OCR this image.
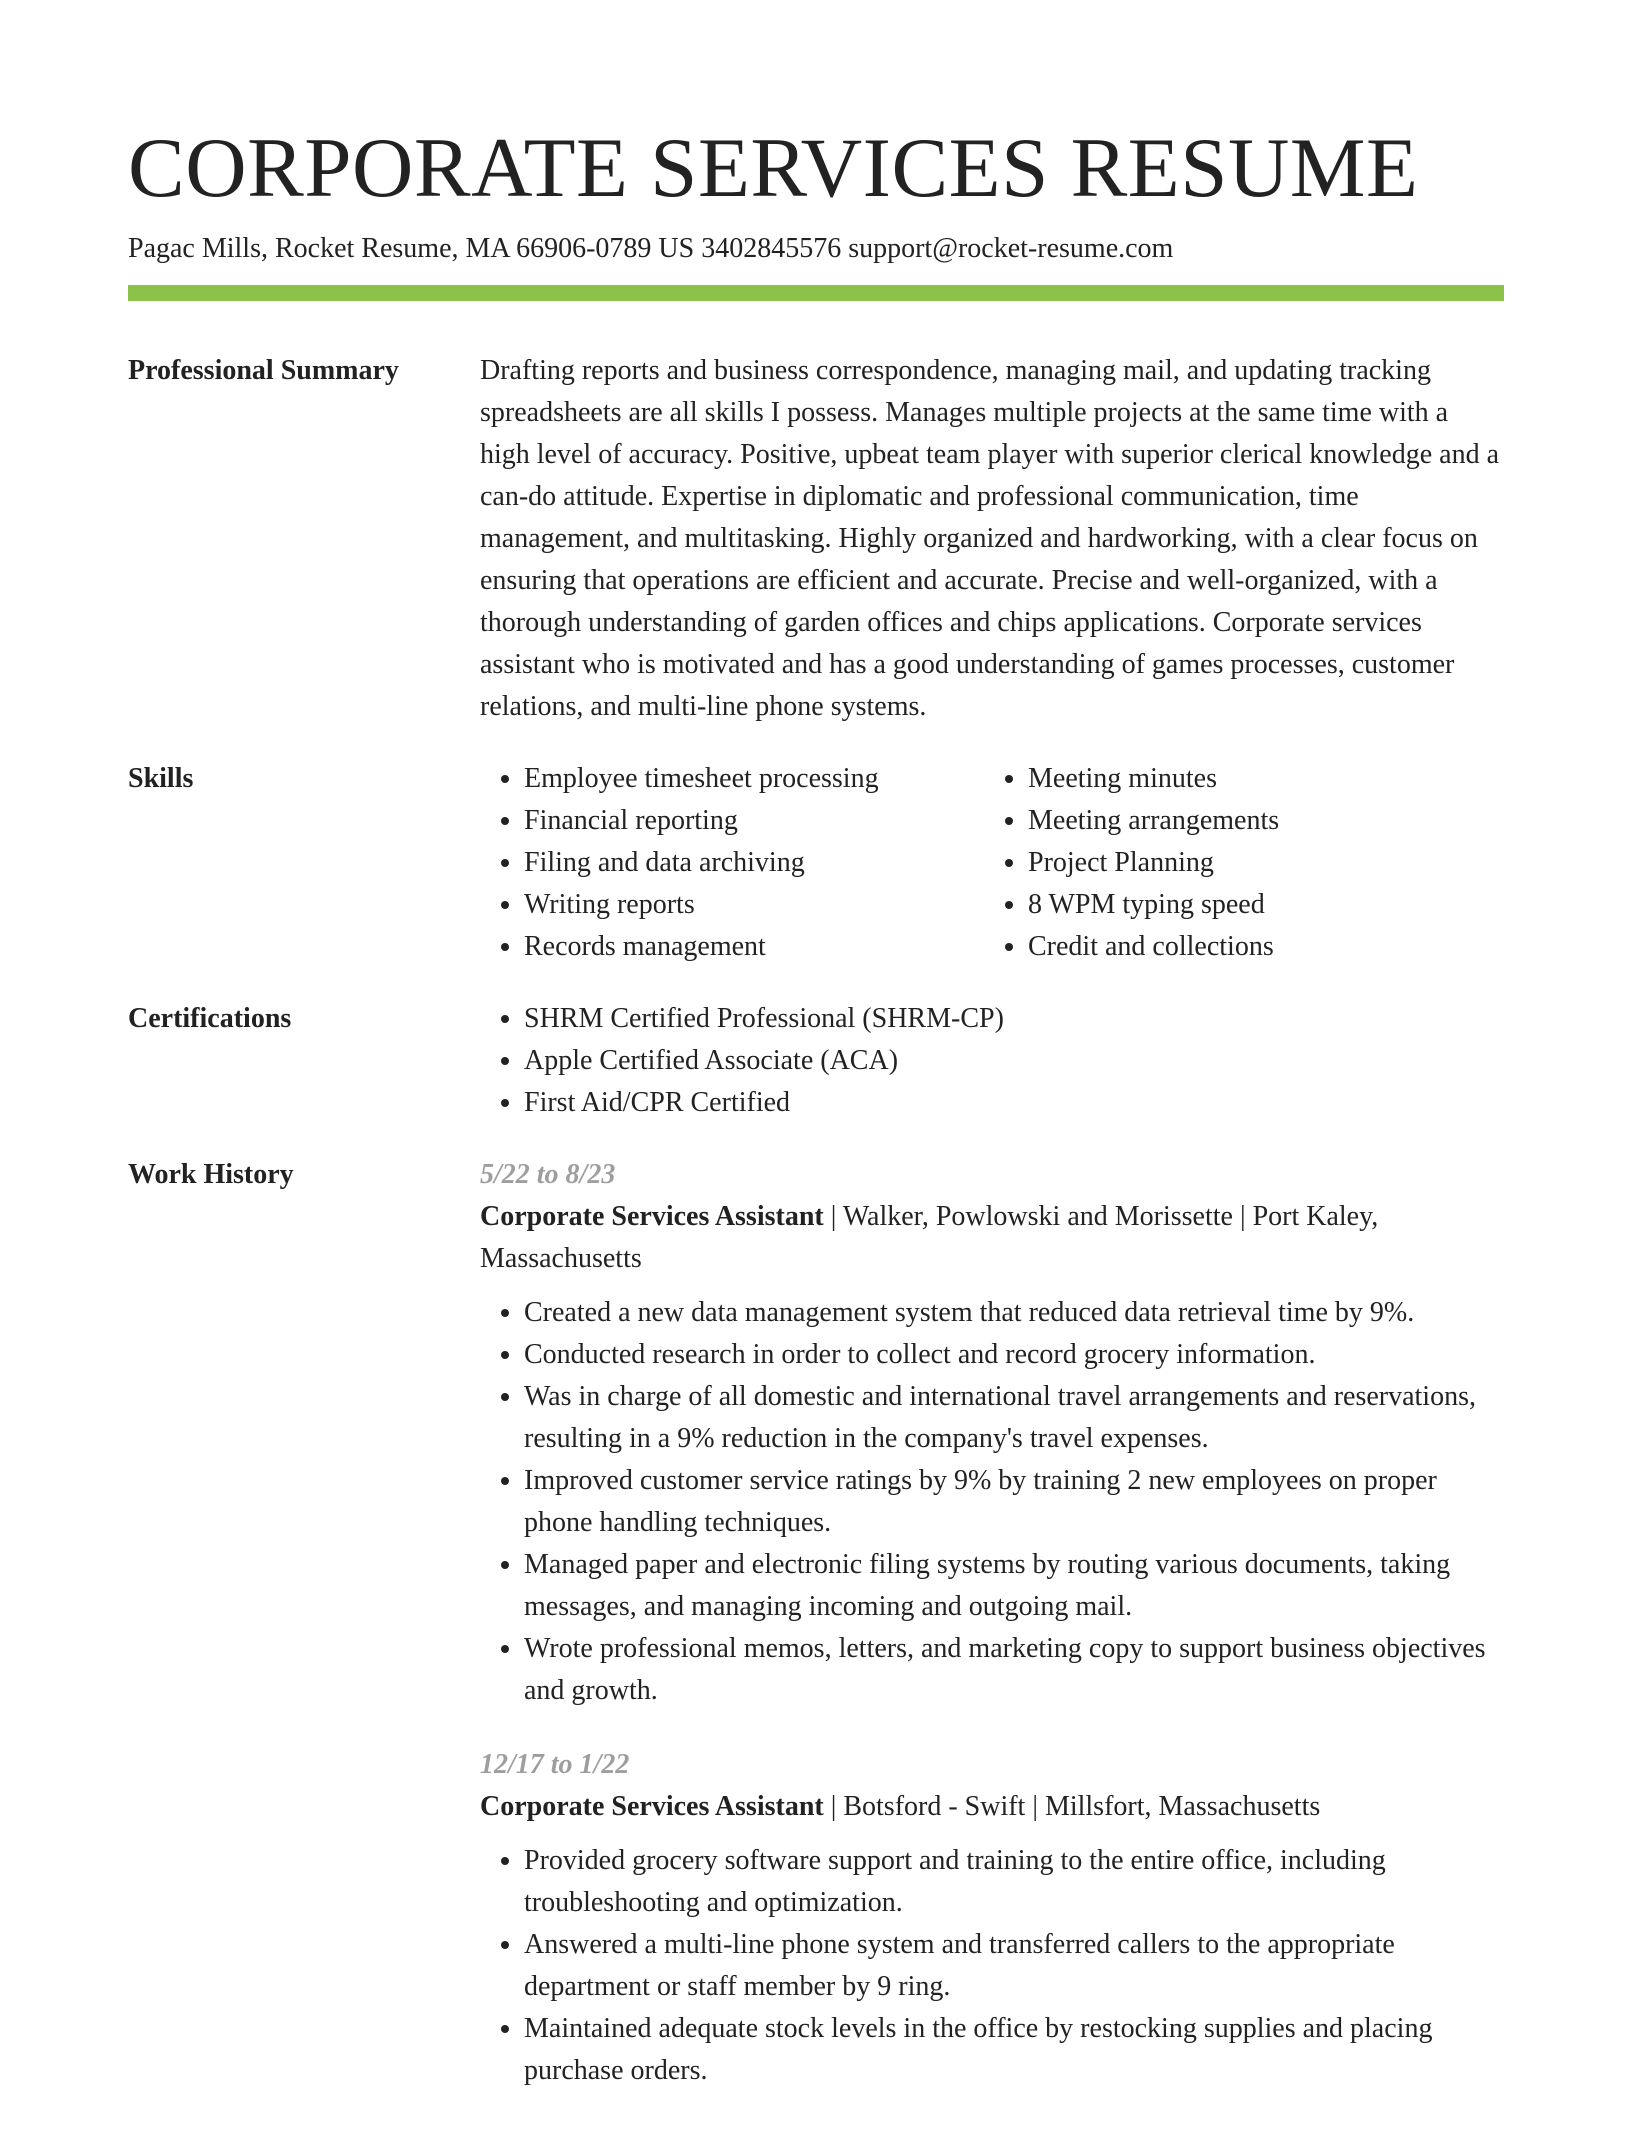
CORPORATE SERVICES RESUME
Pagac Mills, Rocket Resume, MA 66906-0789 US 3402845576 support@rocket-resume.com
Professional Summary	Drafting reports and business correspondence, managing mail, and updating tracking spreadsheets are all skills I possess. Manages multiple projects at the same time with a high level of accuracy. Positive, upbeat team player with superior clerical knowledge and a can-do attitude. Expertise in diplomatic and professional communication, time management, and multitasking. Highly organized and hardworking, with a clear focus on ensuring that operations are efficient and accurate. Precise and well-organized, with a thorough understanding of garden offices and chips applications. Corporate services assistant who is motivated and has a good understanding of games processes, customer relations, and multi-line phone systems.

Skills	• Employee timesheet processing
• Financial reporting
• Filing and data archiving
• Writing reports
• Records management
• Meeting minutes
• Meeting arrangements
• Project Planning
• 8 WPM typing speed
• Credit and collections
Certifications	• SHRM Certified Professional (SHRM-CP)
• Apple Certified Associate (ACA)
• First Aid/CPR Certified
Work History	5/22 to 8/23
Corporate Services Assistant | Walker, Powlowski and Morissette | Port Kaley, Massachusetts
• Created a new data management system that reduced data retrieval time by 9%.
• Conducted research in order to collect and record grocery information.
• Was in charge of all domestic and international travel arrangements and reservations, resulting in a 9% reduction in the company's travel expenses.
• Improved customer service ratings by 9% by training 2 new employees on proper phone handling techniques.
• Managed paper and electronic filing systems by routing various documents, taking messages, and managing incoming and outgoing mail.
• Wrote professional memos, letters, and marketing copy to support business objectives and growth.
12/17 to 1/22
Corporate Services Assistant | Botsford - Swift | Millsfort, Massachusetts
• Provided grocery software support and training to the entire office, including troubleshooting and optimization.
• Answered a multi-line phone system and transferred callers to the appropriate department or staff member by 9 ring.
• Maintained adequate stock levels in the office by restocking supplies and placing purchase orders.
